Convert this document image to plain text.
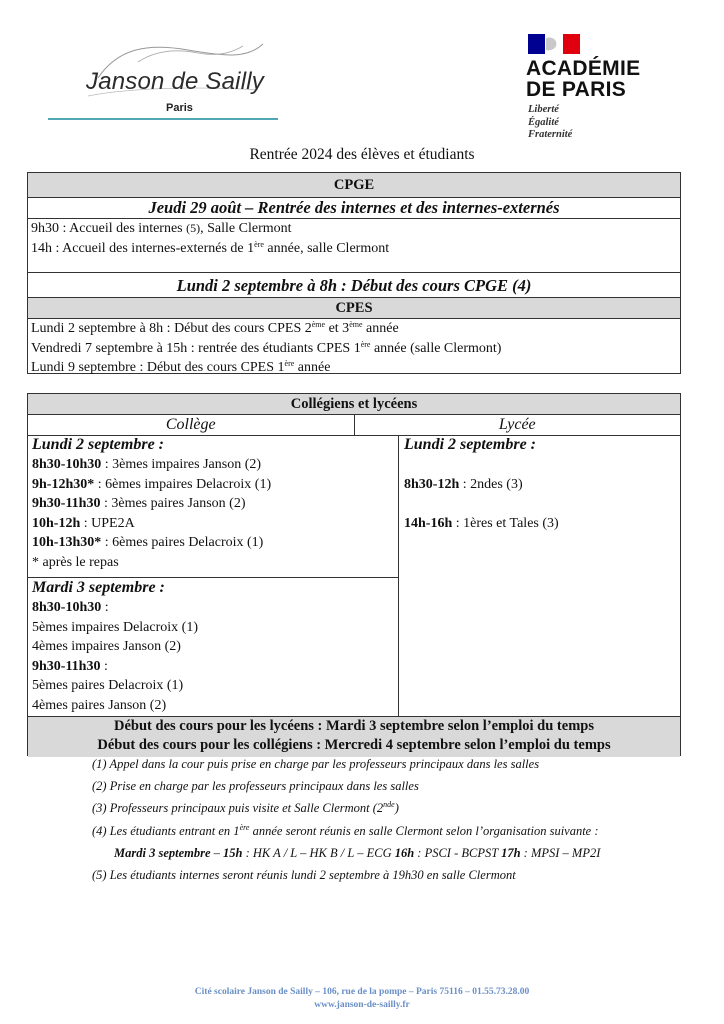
Janson de Sailly
Paris
ACADÉMIE
DE PARIS
Liberté
Égalité
Fraternité
Rentrée 2024 des élèves et étudiants
CPGE
Jeudi 29 août – Rentrée des internes et des internes-externés
9h30 : Accueil des internes (5), Salle Clermont
14h : Accueil des internes-externés de 1ère année, salle Clermont
Lundi 2 septembre à 8h : Début des cours CPGE (4)
CPES
Lundi 2 septembre à 8h : Début des cours CPES 2ème et 3ème année
Vendredi 7 septembre à 15h : rentrée des étudiants CPES 1ère année (salle Clermont)
Lundi 9 septembre : Début des cours CPES 1ère année
Collégiens et lycéens
Collège	Lycée
Lundi 2 septembre :
8h30-10h30 : 3èmes impaires Janson (2)
9h-12h30* : 6èmes impaires Delacroix (1)
9h30-11h30 : 3èmes paires Janson (2)
10h-12h : UPE2A
10h-13h30* : 6èmes paires Delacroix (1)
* après le repas
Mardi 3 septembre :
8h30-10h30 :
5èmes impaires Delacroix (1)
4èmes impaires Janson (2)
9h30-11h30 :
5èmes paires Delacroix (1)
4èmes paires Janson (2)
Lundi 2 septembre :
8h30-12h : 2ndes (3)
14h-16h : 1ères et Tales (3)
Début des cours pour les lycéens : Mardi 3 septembre selon l’emploi du temps
Début des cours pour les collégiens : Mercredi 4 septembre selon l’emploi du temps
(1) Appel dans la cour puis prise en charge par les professeurs principaux dans les salles
(2) Prise en charge par les professeurs principaux dans les salles
(3) Professeurs principaux puis visite et Salle Clermont (2nde)
(4) Les étudiants entrant en 1ère année seront réunis en salle Clermont selon l’organisation suivante :
Mardi 3 septembre – 15h : HK A / L – HK B / L – ECG 16h : PSCI - BCPST 17h : MPSI – MP2I
(5) Les étudiants internes seront réunis lundi 2 septembre à 19h30 en salle Clermont
Cité scolaire Janson de Sailly – 106, rue de la pompe – Paris 75116 – 01.55.73.28.00
www.janson-de-sailly.fr
